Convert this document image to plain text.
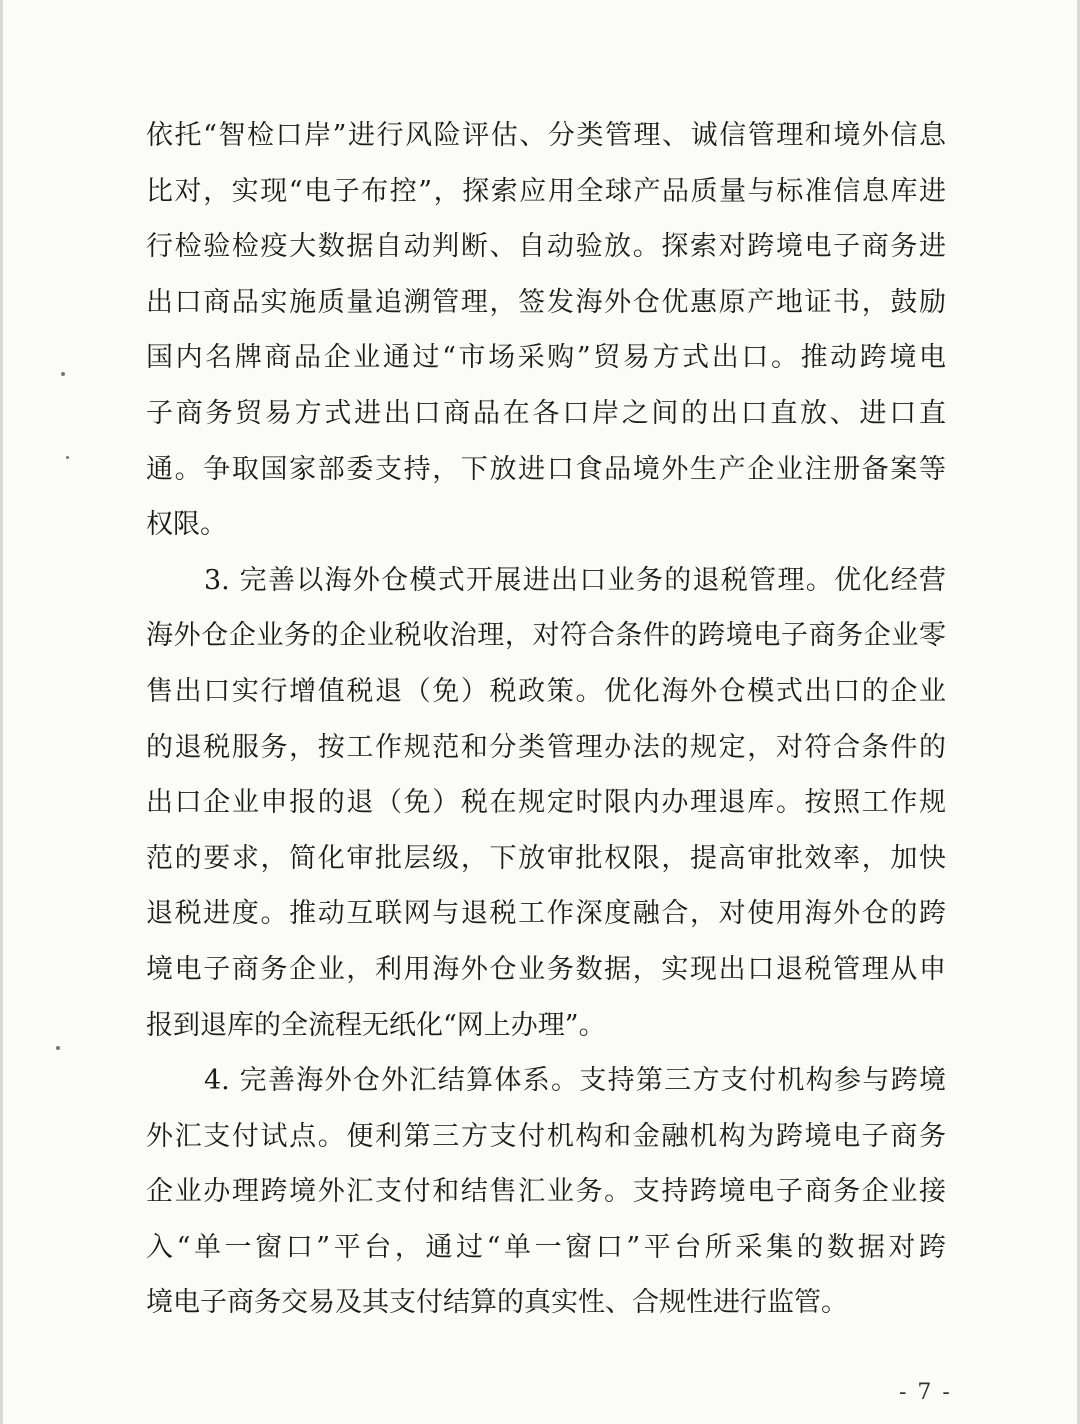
依托“智检口岸”进行风险评估、分类管理、诚信管理和境外信息
比对，实现“电子布控”，探索应用全球产品质量与标准信息库进
行检验检疫大数据自动判断、自动验放。探索对跨境电子商务进
出口商品实施质量追溯管理，签发海外仓优惠原产地证书，鼓励
国内名牌商品企业通过“市场采购”贸易方式出口。推动跨境电
子商务贸易方式进出口商品在各口岸之间的出口直放、进口直
通。争取国家部委支持，下放进口食品境外生产企业注册备案等
权限。
3. 完善以海外仓模式开展进出口业务的退税管理。优化经营
海外仓企业务的企业税收治理，对符合条件的跨境电子商务企业零
售出口实行增值税退（免）税政策。优化海外仓模式出口的企业
的退税服务，按工作规范和分类管理办法的规定，对符合条件的
出口企业申报的退（免）税在规定时限内办理退库。按照工作规
范的要求，简化审批层级，下放审批权限，提高审批效率，加快
退税进度。推动互联网与退税工作深度融合，对使用海外仓的跨
境电子商务企业，利用海外仓业务数据，实现出口退税管理从申
报到退库的全流程无纸化“网上办理”。
4. 完善海外仓外汇结算体系。支持第三方支付机构参与跨境
外汇支付试点。便利第三方支付机构和金融机构为跨境电子商务
企业办理跨境外汇支付和结售汇业务。支持跨境电子商务企业接
入“单一窗口”平台，通过“单一窗口”平台所采集的数据对跨
境电子商务交易及其支付结算的真实性、合规性进行监管。
- 7 -
